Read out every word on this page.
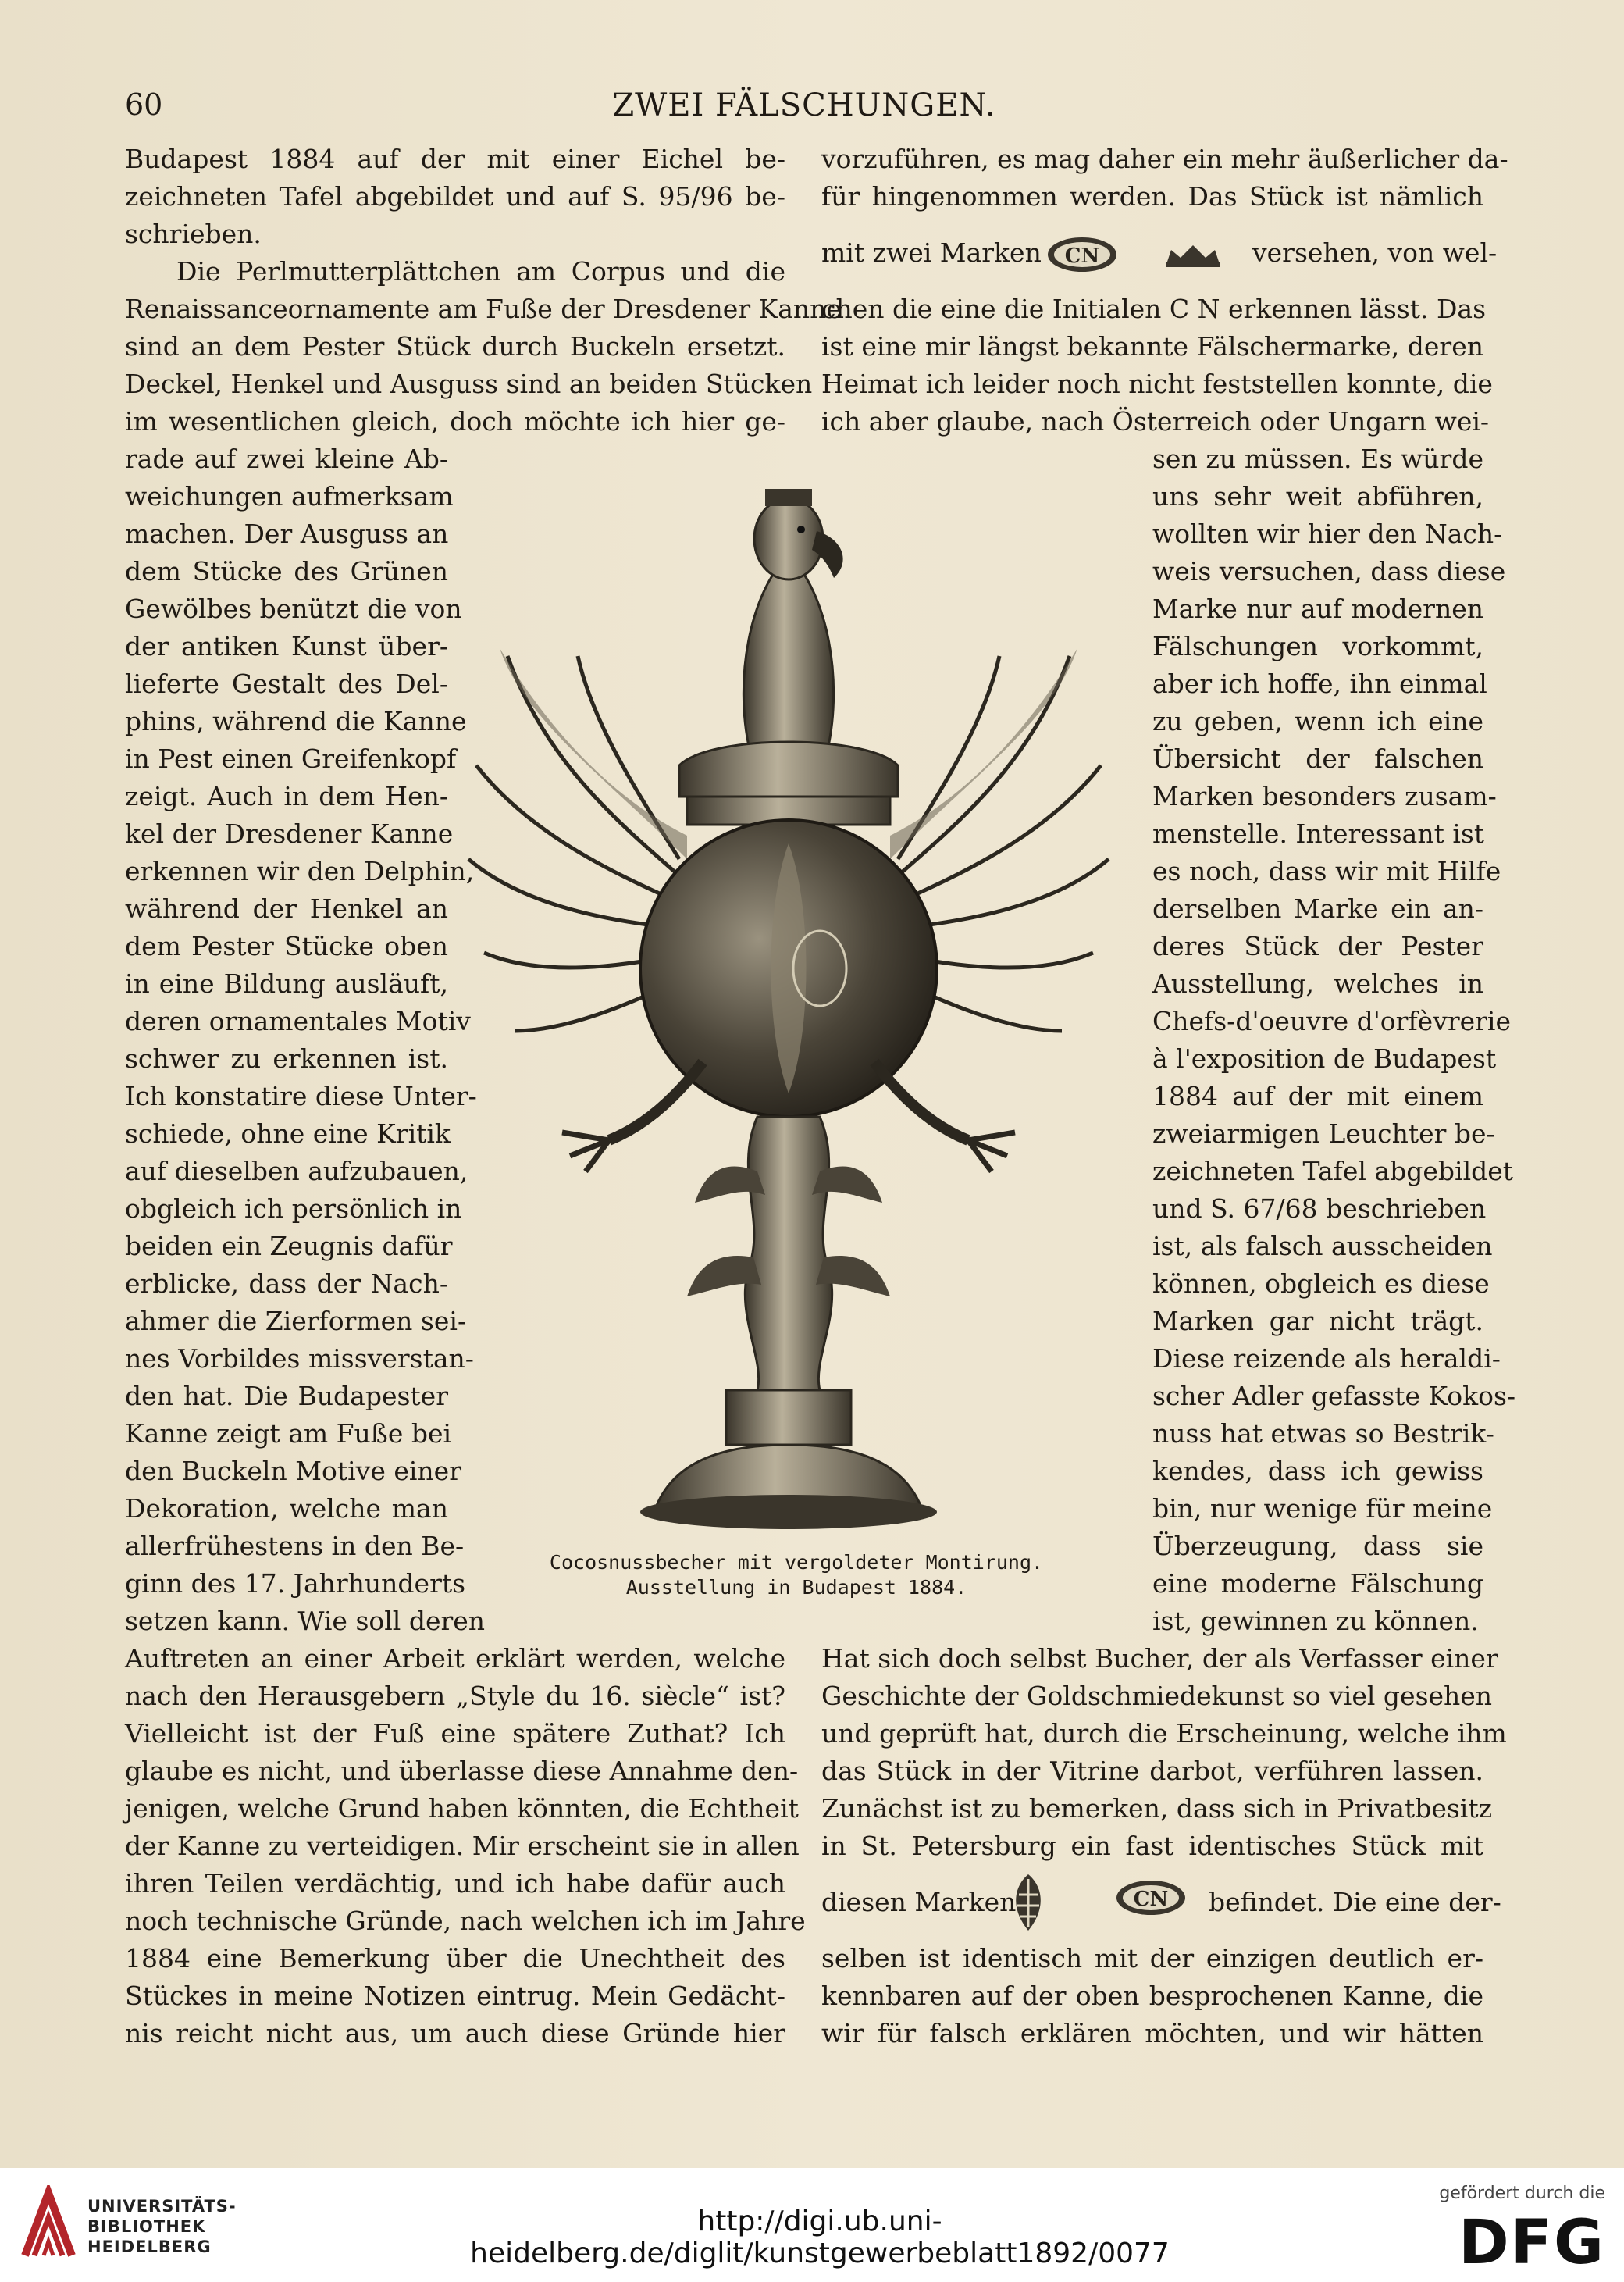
60	ZWEI FÄLSCHUNGEN.
Budapest 1884 auf der mit einer Eichel be-
zeichneten Tafel abgebildet und auf S. 95/96 be-
schrieben.
Die Perlmutterplättchen am Corpus und die
Renaissanceornamente am Fuße der Dresdener Kanne
sind an dem Pester Stück durch Buckeln ersetzt.
Deckel, Henkel und Ausguss sind an beiden Stücken
im wesentlichen gleich, doch möchte ich hier ge-
rade auf zwei kleine Ab-
weichungen aufmerksam
machen. Der Ausguss an
dem Stücke des Grünen
Gewölbes benützt die von
der antiken Kunst über-
lieferte Gestalt des Del-
phins, während die Kanne
in Pest einen Greifenkopf
zeigt. Auch in dem Hen-
kel der Dresdener Kanne
erkennen wir den Delphin,
während der Henkel an
dem Pester Stücke oben
in eine Bildung ausläuft,
deren ornamentales Motiv
schwer zu erkennen ist.
Ich konstatire diese Unter-
schiede, ohne eine Kritik
auf dieselben aufzubauen,
obgleich ich persönlich in
beiden ein Zeugnis dafür
erblicke, dass der Nach-
ahmer die Zierformen sei-
nes Vorbildes missverstan-
den hat. Die Budapester
Kanne zeigt am Fuße bei
den Buckeln Motive einer
Dekoration, welche man
allerfrühestens in den Be-
ginn des 17. Jahrhunderts
setzen kann. Wie soll deren
Auftreten an einer Arbeit erklärt werden, welche
nach den Herausgebern „Style du 16. siècle“ ist?
Vielleicht ist der Fuß eine spätere Zuthat? Ich
glaube es nicht, und überlasse diese Annahme den-
jenigen, welche Grund haben könnten, die Echtheit
der Kanne zu verteidigen. Mir erscheint sie in allen
ihren Teilen verdächtig, und ich habe dafür auch
noch technische Gründe, nach welchen ich im Jahre
1884 eine Bemerkung über die Unechtheit des
Stückes in meine Notizen eintrug. Mein Gedächt-
nis reicht nicht aus, um auch diese Gründe hier
vorzuführen, es mag daher ein mehr äußerlicher da-
für hingenommen werden. Das Stück ist nämlich
chen die eine die Initialen C N erkennen lässt. Das
ist eine mir längst bekannte Fälschermarke, deren
Heimat ich leider noch nicht feststellen konnte, die
ich aber glaube, nach Österreich oder Ungarn wei-
sen zu müssen. Es würde
uns sehr weit abführen,
wollten wir hier den Nach-
weis versuchen, dass diese
Marke nur auf modernen
Fälschungen vorkommt,
aber ich hoffe, ihn einmal
zu geben, wenn ich eine
Übersicht der falschen
Marken besonders zusam-
menstelle. Interessant ist
es noch, dass wir mit Hilfe
derselben Marke ein an-
deres Stück der Pester
Ausstellung, welches in
Chefs-d'oeuvre d'orfèvrerie
à l'exposition de Budapest
1884 auf der mit einem
zweiarmigen Leuchter be-
zeichneten Tafel abgebildet
und S. 67/68 beschrieben
ist, als falsch ausscheiden
können, obgleich es diese
Marken gar nicht trägt.
Diese reizende als heraldi-
scher Adler gefasste Kokos-
nuss hat etwas so Bestrik-
kendes, dass ich gewiss
bin, nur wenige für meine
Überzeugung, dass sie
eine moderne Fälschung
ist, gewinnen zu können.
Hat sich doch selbst Bucher, der als Verfasser einer
Geschichte der Goldschmiedekunst so viel gesehen
und geprüft hat, durch die Erscheinung, welche ihm
das Stück in der Vitrine darbot, verführen lassen.
Zunächst ist zu bemerken, dass sich in Privatbesitz
in St. Petersburg ein fast identisches Stück mit
selben ist identisch mit der einzigen deutlich er-
kennbaren auf der oben besprochenen Kanne, die
wir für falsch erklären möchten, und wir hätten
mit zwei Marken CN	versehen, von wel-
Cocosnussbecher mit vergoldeter Montirung.
Ausstellung in Budapest 1884.
diesen Marken	CN befindet. Die eine der-
UNIVERSITÄTS-
BIBLIOTHEK
HEIDELBERG
http://digi.ub.uni-heidelberg.de/diglit/kunstgewerbeblatt1892/0077
gefördert durch die
DFG
